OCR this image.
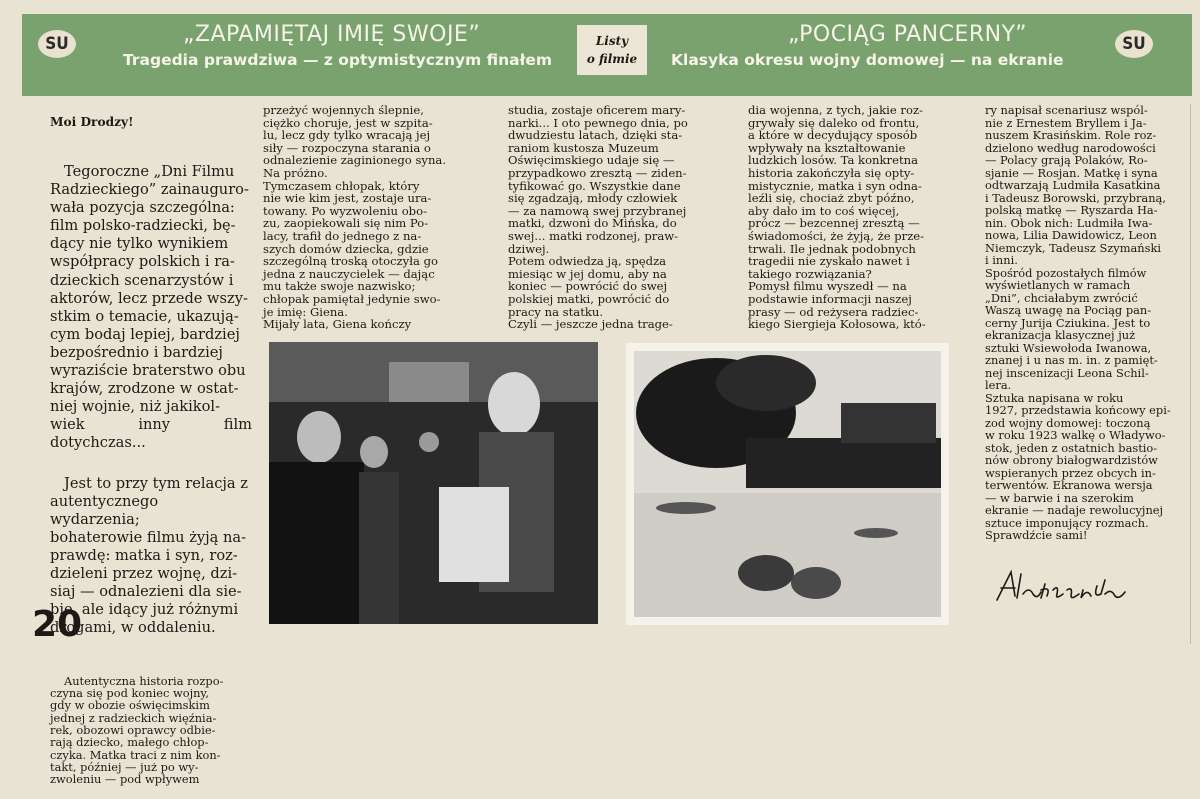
SU	„ZAPAMIĘTAJ IMIĘ SWOJE”
Tragedia prawdziwa — z optymistycznym finałem
Listy
o filmie
„POCIĄG PANCERNY”
Klasyka okresu wojny domowej — na ekranie
SU

Moi Drodzy!

Tegoroczne „Dni Filmu
Radzieckiego” zainauguro-
wała pozycja szczególna:
film polsko-radziecki, bę-
dący nie tylko wynikiem
współpracy polskich i ra-
dzieckich scenarzystów i
aktorów, lecz przede wszy-
stkim o temacie, ukazują-
cym bodaj lepiej, bardziej
bezpośrednio i bardziej
wyraziście braterstwo obu
krajów, zrodzone w ostat-
niej wojnie, niż jakikol-
wiek inny film dotychczas...

Jest to przy tym relacja z
autentycznego wydarzenia;
bohaterowie filmu żyją na-
prawdę: matka i syn, roz-
dzieleni przez wojnę, dzi-
siaj — odnalezieni dla sie-
bie, ale idący już różnymi
drogami, w oddaleniu.

Autentyczna historia rozpo-
czyna się pod koniec wojny,
gdy w obozie oświęcimskim
jednej z radzieckich więźnia-
rek, obozowi oprawcy odbie-
rają dziecko, małego chłop-
czyka. Matka traci z nim kon-
takt, później — już po wy-
zwoleniu — pod wpływem

przeżyć wojennych ślepnie,
ciężko choruje, jest w szpita-
lu, lecz gdy tylko wracają jej
siły — rozpoczyna starania o
odnalezienie zaginionego syna.
Na próżno.
Tymczasem chłopak, który
nie wie kim jest, zostaje ura-
towany. Po wyzwoleniu obo-
zu, zaopiekowali się nim Po-
lacy, trafił do jednego z na-
szych domów dziecka, gdzie
szczególną troską otoczyła go
jedna z nauczycielek — dając
mu także swoje nazwisko;
chłopak pamiętał jedynie swo-
je imię: Giena.
Mijały lata, Giena kończy
studia, zostaje oficerem mary-
narki... I oto pewnego dnia, po
dwudziestu latach, dzięki sta-
raniom kustosza Muzeum
Oświęcimskiego udaje się —
przypadkowo zresztą — ziden-
tyfikować go. Wszystkie dane
się zgadzają, młody człowiek
— za namową swej przybranej
matki, dzwoni do Mińska, do
swej... matki rodzonej, praw-
dziwej.
Potem odwiedza ją, spędza
miesiąc w jej domu, aby na
koniec — powrócić do swej
polskiej matki, powrócić do
pracy na statku.
Czyli — jeszcze jedna trage-
dia wojenna, z tych, jakie roz-
grywały się daleko od frontu,
a które w decydujący sposób
wpływały na kształtowanie
ludzkich losów. Ta konkretna
historia zakończyła się opty-
mistycznie, matka i syn odna-
leźli się, chociaż zbyt późno,
aby dało im to coś więcej,
prócz — bezcennej zresztą —
świadomości, że żyją, że prze-
trwali. Ile jednak podobnych
tragedii nie zyskało nawet i
takiego rozwiązania?
Pomysł filmu wyszedł — na
podstawie informacji naszej
prasy — od reżysera radziec-
kiego Siergieja Kołosowa, któ-
ry napisał scenariusz wspól-
nie z Ernestem Bryllem i Ja-
nuszem Krasińskim. Role roz-
dzielono według narodowości
— Polacy grają Polaków, Ro-
sjanie — Rosjan. Matkę i syna
odtwarzają Ludmiła Kasatkina
i Tadeusz Borowski, przybraną,
polską matkę — Ryszarda Ha-
nin. Obok nich: Ludmiła Iwa-
nowa, Lilia Dawidowicz, Leon
Niemczyk, Tadeusz Szymański
i inni.
Spośród pozostałych filmów
wyświetlanych w ramach
„Dni”, chciałabym zwrócić
Waszą uwagę na Pociąg pan-
cerny Jurija Cziukina. Jest to
ekranizacja klasycznej już
sztuki Wsiewołoda Iwanowa,
znanej i u nas m. in. z pamięt-
nej inscenizacji Leona Schil-
lera.
Sztuka napisana w roku
1927, przedstawia końcowy epi-
zod wojny domowej: toczoną
w roku 1923 walkę o Władywo-
stok, jeden z ostatnich bastio-
nów obrony białogwardzistów
wspieranych przez obcych in-
terwentów. Ekranowa wersja
— w barwie i na szerokim
ekranie — nadaje rewolucyjnej
sztuce imponujący rozmach.
Sprawdźcie sami!
20
